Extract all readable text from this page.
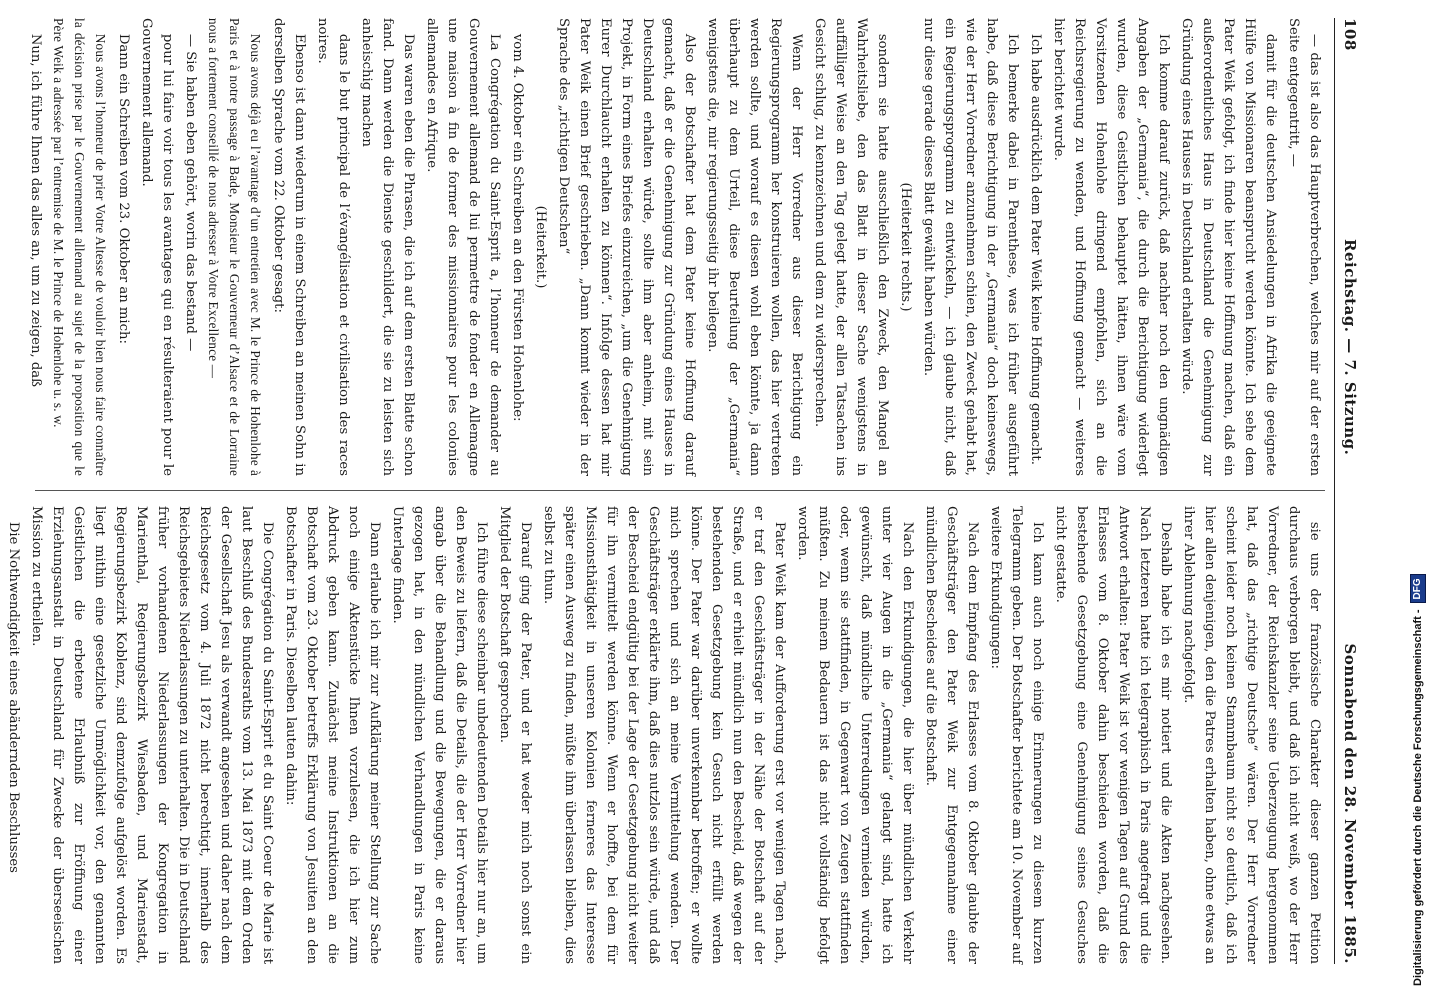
108
Reichstag. — 7. Sitzung.
Sonnabend den 28. November 1885.

— das ist also das Hauptverbrechen, welches mir auf der ersten Seite entgegentritt, —

damit für die deutschen Ansiedelungen in Afrika die geeignete Hülfe von Missionaren beansprucht werden könnte. Ich sehe dem Pater Weik gefolgt, ich finde hier keine Hoffnung machen, daß ein außerordentliches Haus in Deutschland die Genehmigung zur Gründung eines Hauses in Deutschland erhalten würde.

Ich komme darauf zurück, daß nachher noch den ungnädigen Angaben der „Germania“, die durch die Berichtigung widerlegt wurden, diese Geistlichen behauptet hätten, ihnen wäre vom Vorsitzenden Hohenlohe dringend empfohlen, sich an die Reichsregierung zu wenden, und Hoffnung gemacht — weiteres hier berichtet wurde.

Ich habe ausdrücklich dem Pater Weik keine Hoffnung gemacht.

Ich bemerke dabei in Parenthese, was ich früher ausgeführt habe, daß diese Berichtigung in der „Germania“ doch keineswegs, wie der Herr Vorredner anzunehmen schien, den Zweck gehabt hat, ein Regierungsprogramm zu entwickeln, — ich glaube nicht, daß nur diese gerade dieses Blatt gewählt haben würden.

(Heiterkeit rechts.)

sondern sie hatte ausschließlich den Zweck, den Mangel an Wahrheitsliebe, den das Blatt in dieser Sache wenigstens in auffälliger Weise an den Tag gelegt hatte, der allen Tatsachen ins Gesicht schlug, zu kennzeichnen und dem zu widersprechen.

Wenn der Herr Vorredner aus dieser Berichtigung ein Regierungsprogramm her konstruieren wollen, das hier vertreten werden sollte, und worauf es diesen wohl eben könnte, ja dann überhaupt zu dem Urteil, diese Beurteilung der „Germania“ wenigstens die, mir regierungsseitig ihr beilegen.

Also der Botschafter hat dem Pater keine Hoffnung darauf gemacht, daß er die Genehmigung zur Gründung eines Hauses in Deutschland erhalten würde, sollte ihm aber anheim, mit sein Projekt, in Form eines Briefes einzureichen, „um die Genehmigung Eurer Durchlaucht erhalten zu können“. Infolge dessen hat mir Pater Weik einen Brief geschrieben. „Dann kommt wieder in der Sprache des „richtigen Deutschen“

(Heiterkeit.)

vom 4. Oktober ein Schreiben an den Fürsten Hohenlohe:

La Congrégation du Saint-Esprit a, l’honneur de demander au Gouvernement allemand de lui permettre de fonder en Allemagne une maison à fin de former des missionnaires pour les colonies allemandes en Afrique.

Das waren eben die Phrasen, die ich auf dem ersten Blatte schon fand. Dann werden die Dienste geschildert, die sie zu leisten sich anheischig machen

dans le but principal de l’évangélisation et civilisation des races noires.

Ebenso ist dann wiederum in einem Schreiben an meinen Sohn in derselben Sprache vom 22. Oktober gesagt:

Nous avons déjà eu l’avantage d’un entretien avec M. le Prince de Hohenlohe à Paris et à notre passage à Bade, Monsieur le Gouverneur d’Alsace et de Lorraine nous a fortement conseillé de nous adresser à Votre Excellence —

— Sie haben eben gehört, worin das bestand —

pour lui faire voir tous les avantages qui en résulteraient pour le Gouvernement allemand.

Dann ein Schreiben vom 23. Oktober an mich:

Nous avons l’honneur de prier Votre Altesse de vouloir bien nous faire connaître la décision prise par le Gouvernement allemand au sujet de la proposition que le Père Weik a adressée par l’entremise de M. le Prince de Hohenlohe u. s. w.

Nun, ich führe Ihnen das alles an, um zu zeigen, daß

sie uns der französische Charakter dieser ganzen Petition durchaus verborgen bleibt, und daß ich nicht weiß, wo der Herr Vorredner, der Reichskanzler seine Ueberzeugung hergenommen hat, daß das „richtige Deutsche“ wären. Der Herr Vorredner scheint leider noch keinen Stammbaum nicht so deutlich, daß ich hier allen denjenigen, den die Patres erhalten haben, ohne etwas an ihrer Ablehnung nachgefolgt.

Deshalb habe ich es mir notiert und die Akten nachgesehen. Nach letzteren hatte ich telegraphisch in Paris angefragt und die Antwort erhalten: Pater Weik ist vor wenigen Tagen auf Grund des Erlasses vom 8. Oktober dahin beschieden worden, daß die bestehende Gesetzgebung eine Genehmigung seines Gesuches nicht gestatte.

Ich kann auch noch einige Erinnerungen zu diesem kurzen Telegramm geben. Der Botschafter berichtete am 10. November auf weitere Erkundigungen:

Nach dem Empfang des Erlasses vom 8. Oktober glaubte der Geschäftsträger den Pater Weik zur Entgegennahme einer mündlichen Bescheides auf die Botschaft.

Nach den Erkundigungen, die hier über mündlichen Verkehr unter vier Augen in die „Germania“ gelangt sind, hatte ich gewünscht, daß mündliche Unterredungen vermieden würden, oder, wenn sie stattfinden, in Gegenwart von Zeugen stattfinden müßten. Zu meinem Bedauern ist das nicht vollständig befolgt worden.

Pater Weik kam der Aufforderung erst vor wenigen Tagen nach, er traf den Geschäftsträger in der Nähe der Botschaft auf der Straße, und er erhielt mündlich nun den Bescheid, daß wegen der bestehenden Gesetzgebung kein Gesuch nicht erfüllt werden könne. Der Pater war darüber unverkennbar betroffen; er wollte mich sprechen und sich an meine Vermittelung wenden. Der Geschäftsträger erklärte ihm, daß dies nutzlos sein würde, und daß der Bescheid endgültig bei der Lage der Gesetzgebung nicht weiter für ihn vermittelt werden könne. Wenn er hoffte, bei dem für Missionsthätigkeit in unseren Kolonien ferneres das Interesse später einen Ausweg zu finden, müßte ihm überlassen bleiben, dies selbst zu thun.

Darauf ging der Pater, und er hat weder mich noch sonst ein Mitglied der Botschaft gesprochen.

Ich führe diese scheinbar unbedeutenden Details hier nur an, um den Beweis zu liefern, daß die Details, die der Herr Vorredner hier angab über die Behandlung und die Bewegungen, die er daraus gezogen hat, in den mündlichen Verhandlungen in Paris keine Unterlage finden.

Dann erlaube ich mir zur Aufklärung meiner Stellung zur Sache noch einige Aktenstücke Ihnen vorzulesen, die ich hier zum Abdruck geben kann. Zunächst meine Instruktionen an die Botschaft vom 23. Oktober betreffs Erklärung von Jesuiten an den Botschafter in Paris. Dieselben lauten dahin:

Die Congrégation du Saint-Esprit et du Saint Coeur de Marie ist laut Beschluß des Bundesraths vom 13. Mai 1873 mit dem Orden der Gesellschaft Jesu als verwandt angesehen und daher nach dem Reichsgesetz vom 4. Juli 1872 nicht berechtigt, innerhalb des Reichsgebietes Niederlassungen zu unterhalten. Die in Deutschland früher vorhandenen Niederlassungen der Kongregation in Marienthal, Regierungsbezirk Wiesbaden, und Marienstadt, Regierungsbezirk Koblenz, sind demzufolge aufgelöst worden. Es liegt mithin eine gesetzliche Unmöglichkeit vor, den genannten Geistlichen die erbetene Erlaubniß zur Eröffnung einer Erziehungsanstalt in Deutschland für Zwecke der überseeischen Mission zu ertheilen.

Die Nothwendigkeit eines abändernden Beschlusses	Digitalisierung gefördert durch die Deutsche Forschungsgemeinschaft -
DFG
